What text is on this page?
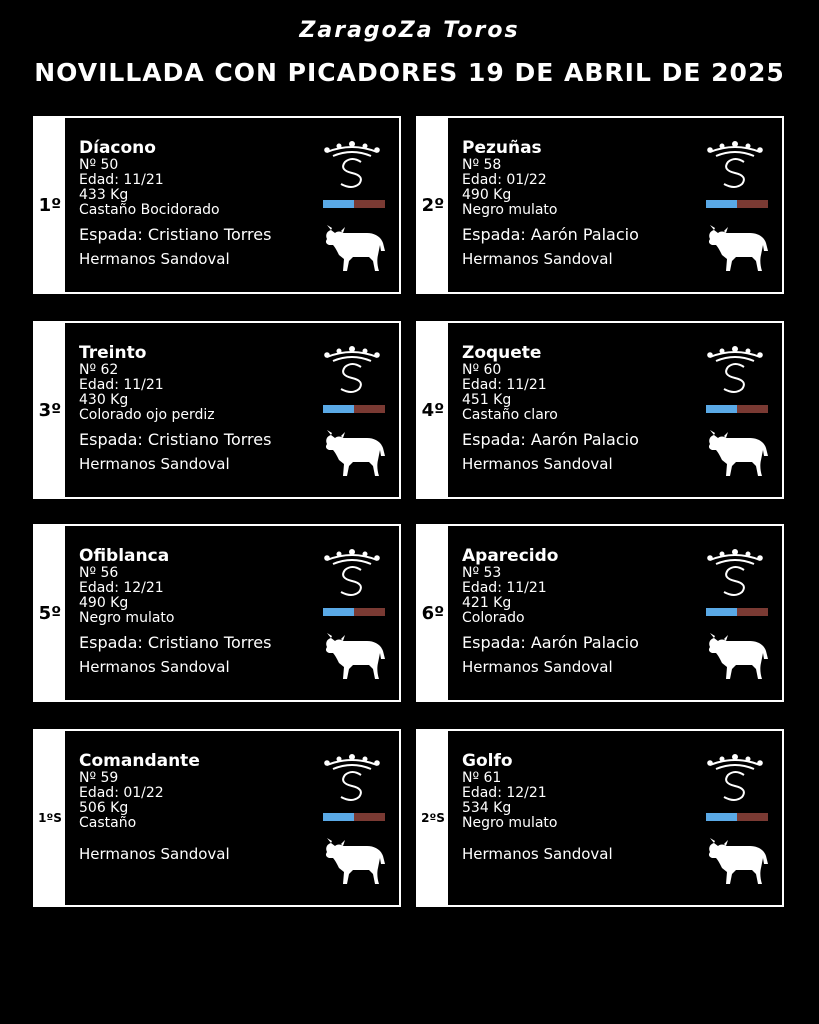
ZaragoZa Toros
NOVILLADA CON PICADORES 19 DE ABRIL DE 2025
1º
Díacono
Nº 50
Edad: 11/21
433 Kg
Castaño Bocidorado
Espada: Cristiano Torres
Hermanos Sandoval
2º
Pezuñas
Nº 58
Edad: 01/22
490 Kg
Negro mulato
Espada: Aarón Palacio
Hermanos Sandoval
3º
Treinto
Nº 62
Edad: 11/21
430 Kg
Colorado ojo perdiz
Espada: Cristiano Torres
Hermanos Sandoval
4º
Zoquete
Nº 60
Edad: 11/21
451 Kg
Castaño claro
Espada: Aarón Palacio
Hermanos Sandoval
5º
Ofiblanca
Nº 56
Edad: 12/21
490 Kg
Negro mulato
Espada: Cristiano Torres
Hermanos Sandoval
6º
Aparecido
Nº 53
Edad: 11/21
421 Kg
Colorado
Espada: Aarón Palacio
Hermanos Sandoval
1ºS
Comandante
Nº 59
Edad: 01/22
506 Kg
Castaño
Hermanos Sandoval
2ºS
Golfo
Nº 61
Edad: 12/21
534 Kg
Negro mulato
Hermanos Sandoval
